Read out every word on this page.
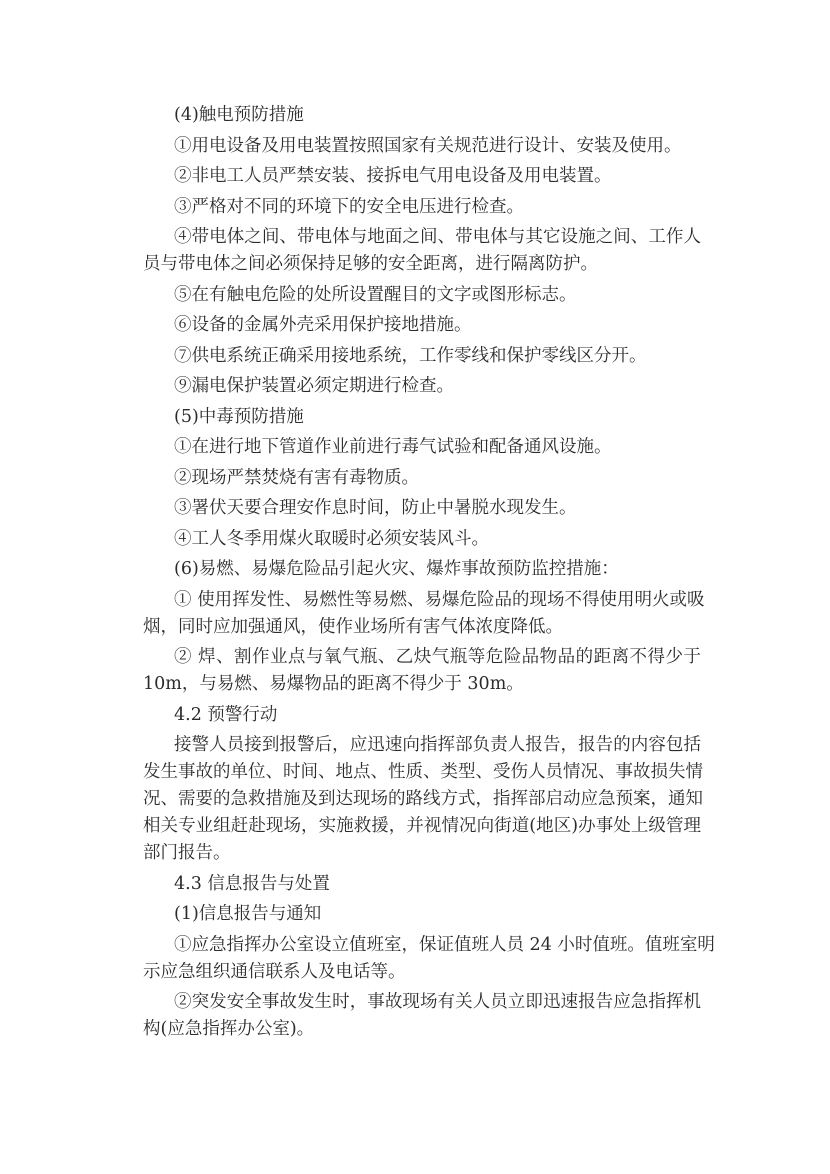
(4)触电预防措施

①用电设备及用电装置按照国家有关规范进行设计、安装及使用。

②非电工人员严禁安装、接拆电气用电设备及用电装置。

③严格对不同的环境下的安全电压进行检查。

④带电体之间、带电体与地面之间、带电体与其它设施之间、工作人
员与带电体之间必须保持足够的安全距离，进行隔离防护。

⑤在有触电危险的处所设置醒目的文字或图形标志。

⑥设备的金属外壳采用保护接地措施。

⑦供电系统正确采用接地系统，工作零线和保护零线区分开。

⑨漏电保护装置必须定期进行检查。

(5)中毒预防措施

①在进行地下管道作业前进行毒气试验和配备通风设施。

②现场严禁焚烧有害有毒物质。

③署伏天要合理安作息时间，防止中暑脱水现发生。

④工人冬季用煤火取暖时必须安装风斗。

(6)易燃、易爆危险品引起火灾、爆炸事故预防监控措施：

① 使用挥发性、易燃性等易燃、易爆危险品的现场不得使用明火或吸
烟，同时应加强通风，使作业场所有害气体浓度降低。

② 焊、割作业点与氧气瓶、乙炔气瓶等危险品物品的距离不得少于
10m，与易燃、易爆物品的距离不得少于 30m。

4.2 预警行动

接警人员接到报警后，应迅速向指挥部负责人报告，报告的内容包括
发生事故的单位、时间、地点、性质、类型、受伤人员情况、事故损失情
况、需要的急救措施及到达现场的路线方式，指挥部启动应急预案，通知
相关专业组赶赴现场，实施救援，并视情况向街道(地区)办事处上级管理
部门报告。

4.3 信息报告与处置

(1)信息报告与通知

①应急指挥办公室设立值班室，保证值班人员 24 小时值班。值班室明
示应急组织通信联系人及电话等。

②突发安全事故发生时，事故现场有关人员立即迅速报告应急指挥机
构(应急指挥办公室)。
